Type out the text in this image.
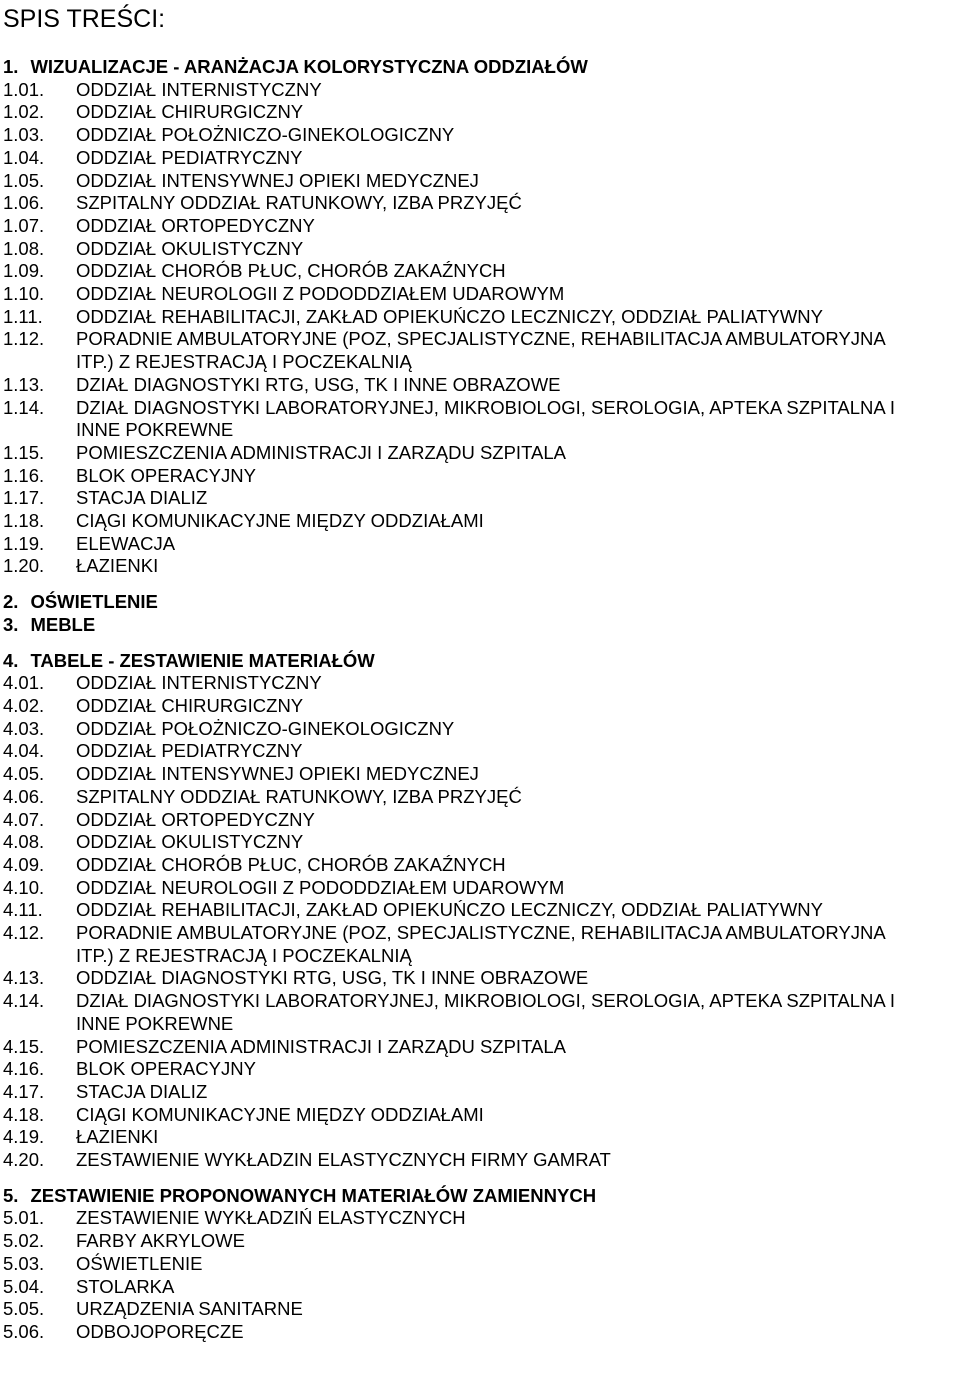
SPIS TREŚCI:
1. WIZUALIZACJE - ARANŻACJA KOLORYSTYCZNA ODDZIAŁÓW
1.01.	ODDZIAŁ INTERNISTYCZNY
1.02.	ODDZIAŁ CHIRURGICZNY
1.03.	ODDZIAŁ POŁOŻNICZO-GINEKOLOGICZNY
1.04.	ODDZIAŁ PEDIATRYCZNY
1.05.	ODDZIAŁ INTENSYWNEJ OPIEKI MEDYCZNEJ
1.06.	SZPITALNY ODDZIAŁ RATUNKOWY, IZBA PRZYJĘĆ
1.07.	ODDZIAŁ ORTOPEDYCZNY
1.08.	ODDZIAŁ OKULISTYCZNY
1.09.	ODDZIAŁ CHORÓB PŁUC, CHORÓB ZAKAŹNYCH
1.10.	ODDZIAŁ NEUROLOGII Z PODODDZIAŁEM UDAROWYM
1.11.	ODDZIAŁ REHABILITACJI, ZAKŁAD OPIEKUŃCZO LECZNICZY, ODDZIAŁ PALIATYWNY
1.12.	PORADNIE AMBULATORYJNE (POZ, SPECJALISTYCZNE, REHABILITACJA AMBULATORYJNA
ITP.) Z REJESTRACJĄ I POCZEKALNIĄ
1.13.	DZIAŁ DIAGNOSTYKI RTG, USG, TK I INNE OBRAZOWE
1.14.	DZIAŁ DIAGNOSTYKI LABORATORYJNEJ, MIKROBIOLOGI, SEROLOGIA, APTEKA SZPITALNA I
INNE POKREWNE
1.15.	POMIESZCZENIA ADMINISTRACJI I ZARZĄDU SZPITALA
1.16.	BLOK OPERACYJNY
1.17.	STACJA DIALIZ
1.18.	CIĄGI KOMUNIKACYJNE MIĘDZY ODDZIAŁAMI
1.19.	ELEWACJA
1.20.	ŁAZIENKI
2. OŚWIETLENIE
3. MEBLE
4. TABELE - ZESTAWIENIE MATERIAŁÓW
4.01.	ODDZIAŁ INTERNISTYCZNY
4.02.	ODDZIAŁ CHIRURGICZNY
4.03.	ODDZIAŁ POŁOŻNICZO-GINEKOLOGICZNY
4.04.	ODDZIAŁ PEDIATRYCZNY
4.05.	ODDZIAŁ INTENSYWNEJ OPIEKI MEDYCZNEJ
4.06.	SZPITALNY ODDZIAŁ RATUNKOWY, IZBA PRZYJĘĆ
4.07.	ODDZIAŁ ORTOPEDYCZNY
4.08.	ODDZIAŁ OKULISTYCZNY
4.09.	ODDZIAŁ CHORÓB PŁUC, CHORÓB ZAKAŹNYCH
4.10.	ODDZIAŁ NEUROLOGII Z PODODDZIAŁEM UDAROWYM
4.11.	ODDZIAŁ REHABILITACJI, ZAKŁAD OPIEKUŃCZO LECZNICZY, ODDZIAŁ PALIATYWNY
4.12.	PORADNIE AMBULATORYJNE (POZ, SPECJALISTYCZNE, REHABILITACJA AMBULATORYJNA
ITP.) Z REJESTRACJĄ I POCZEKALNIĄ
4.13.	ODDZIAŁ DIAGNOSTYKI RTG, USG, TK I INNE OBRAZOWE
4.14.	DZIAŁ DIAGNOSTYKI LABORATORYJNEJ, MIKROBIOLOGI, SEROLOGIA, APTEKA SZPITALNA I
INNE POKREWNE
4.15.	POMIESZCZENIA ADMINISTRACJI I ZARZĄDU SZPITALA
4.16.	BLOK OPERACYJNY
4.17.	STACJA DIALIZ
4.18.	CIĄGI KOMUNIKACYJNE MIĘDZY ODDZIAŁAMI
4.19.	ŁAZIENKI
4.20.	ZESTAWIENIE WYKŁADZIN ELASTYCZNYCH FIRMY GAMRAT
5. ZESTAWIENIE PROPONOWANYCH MATERIAŁÓW ZAMIENNYCH
5.01.	ZESTAWIENIE WYKŁADZIŃ ELASTYCZNYCH
5.02.	FARBY AKRYLOWE
5.03.	OŚWIETLENIE
5.04.	STOLARKA
5.05.	URZĄDZENIA SANITARNE
5.06.	ODBOJOPORĘCZE
